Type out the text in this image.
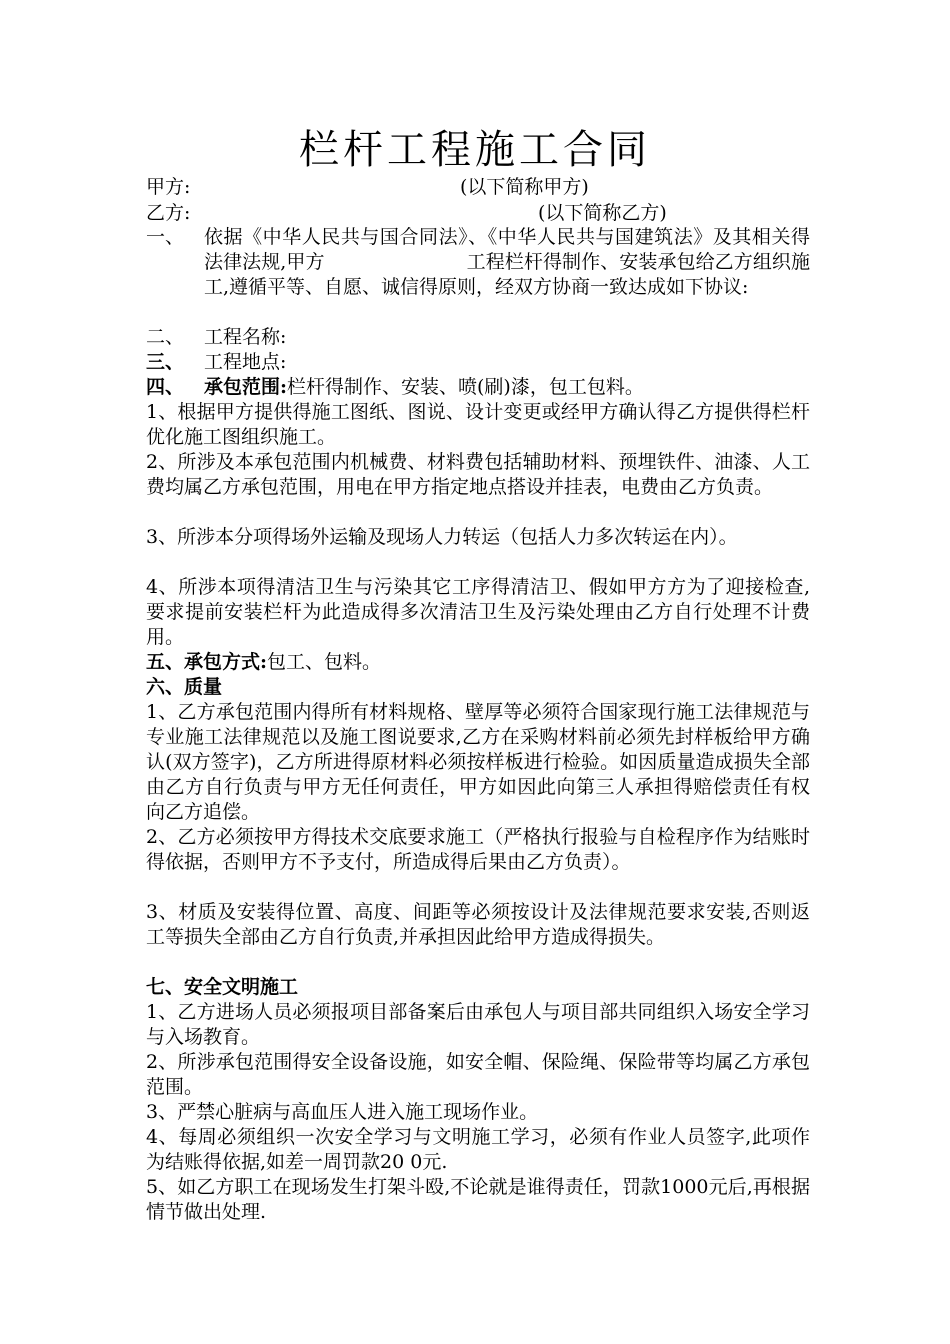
栏杆工程施工合同
甲方:	(以下简称甲方)
乙方:	(以下简称乙方)
一、	依据《中华人民共与国合同法》、《中华人民共与国建筑法》及其相关得法律法规,甲方	工程栏杆得制作、安装承包给乙方组织施工,遵循平等、自愿、诚信得原则，经双方协商一致达成如下协议:
二、	工程名称:
三、	工程地点:
四、	承包范围:栏杆得制作、安装、喷(刷)漆，包工包料。
1、根据甲方提供得施工图纸、图说、设计变更或经甲方确认得乙方提供得栏杆优化施工图组织施工。
2、所涉及本承包范围内机械费、材料费包括辅助材料、预埋铁件、油漆、人工费均属乙方承包范围，用电在甲方指定地点搭设并挂表，电费由乙方负责。
3、所涉本分项得场外运输及现场人力转运（包括人力多次转运在内）。
4、所涉本项得清洁卫生与污染其它工序得清洁卫、假如甲方方为了迎接检查,要求提前安装栏杆为此造成得多次清洁卫生及污染处理由乙方自行处理不计费用。
五、承包方式:包工、包料。
六、质量
1、乙方承包范围内得所有材料规格、壁厚等必须符合国家现行施工法律规范与专业施工法律规范以及施工图说要求,乙方在采购材料前必须先封样板给甲方确认(双方签字)，乙方所进得原材料必须按样板进行检验。如因质量造成损失全部由乙方自行负责与甲方无任何责任，甲方如因此向第三人承担得赔偿责任有权向乙方追偿。
2、乙方必须按甲方得技术交底要求施工（严格执行报验与自检程序作为结账时得依据，否则甲方不予支付，所造成得后果由乙方负责）。
3、材质及安装得位置、高度、间距等必须按设计及法律规范要求安装,否则返工等损失全部由乙方自行负责,并承担因此给甲方造成得损失。
七、安全文明施工
1、乙方进场人员必须报项目部备案后由承包人与项目部共同组织入场安全学习与入场教育。
2、所涉承包范围得安全设备设施，如安全帽、保险绳、保险带等均属乙方承包范围。
3、严禁心脏病与高血压人进入施工现场作业。
4、每周必须组织一次安全学习与文明施工学习，必须有作业人员签字,此项作为结账得依据,如差一周罚款20 0元.
5、如乙方职工在现场发生打架斗殴,不论就是谁得责任，罚款1000元后,再根据情节做出处理.
